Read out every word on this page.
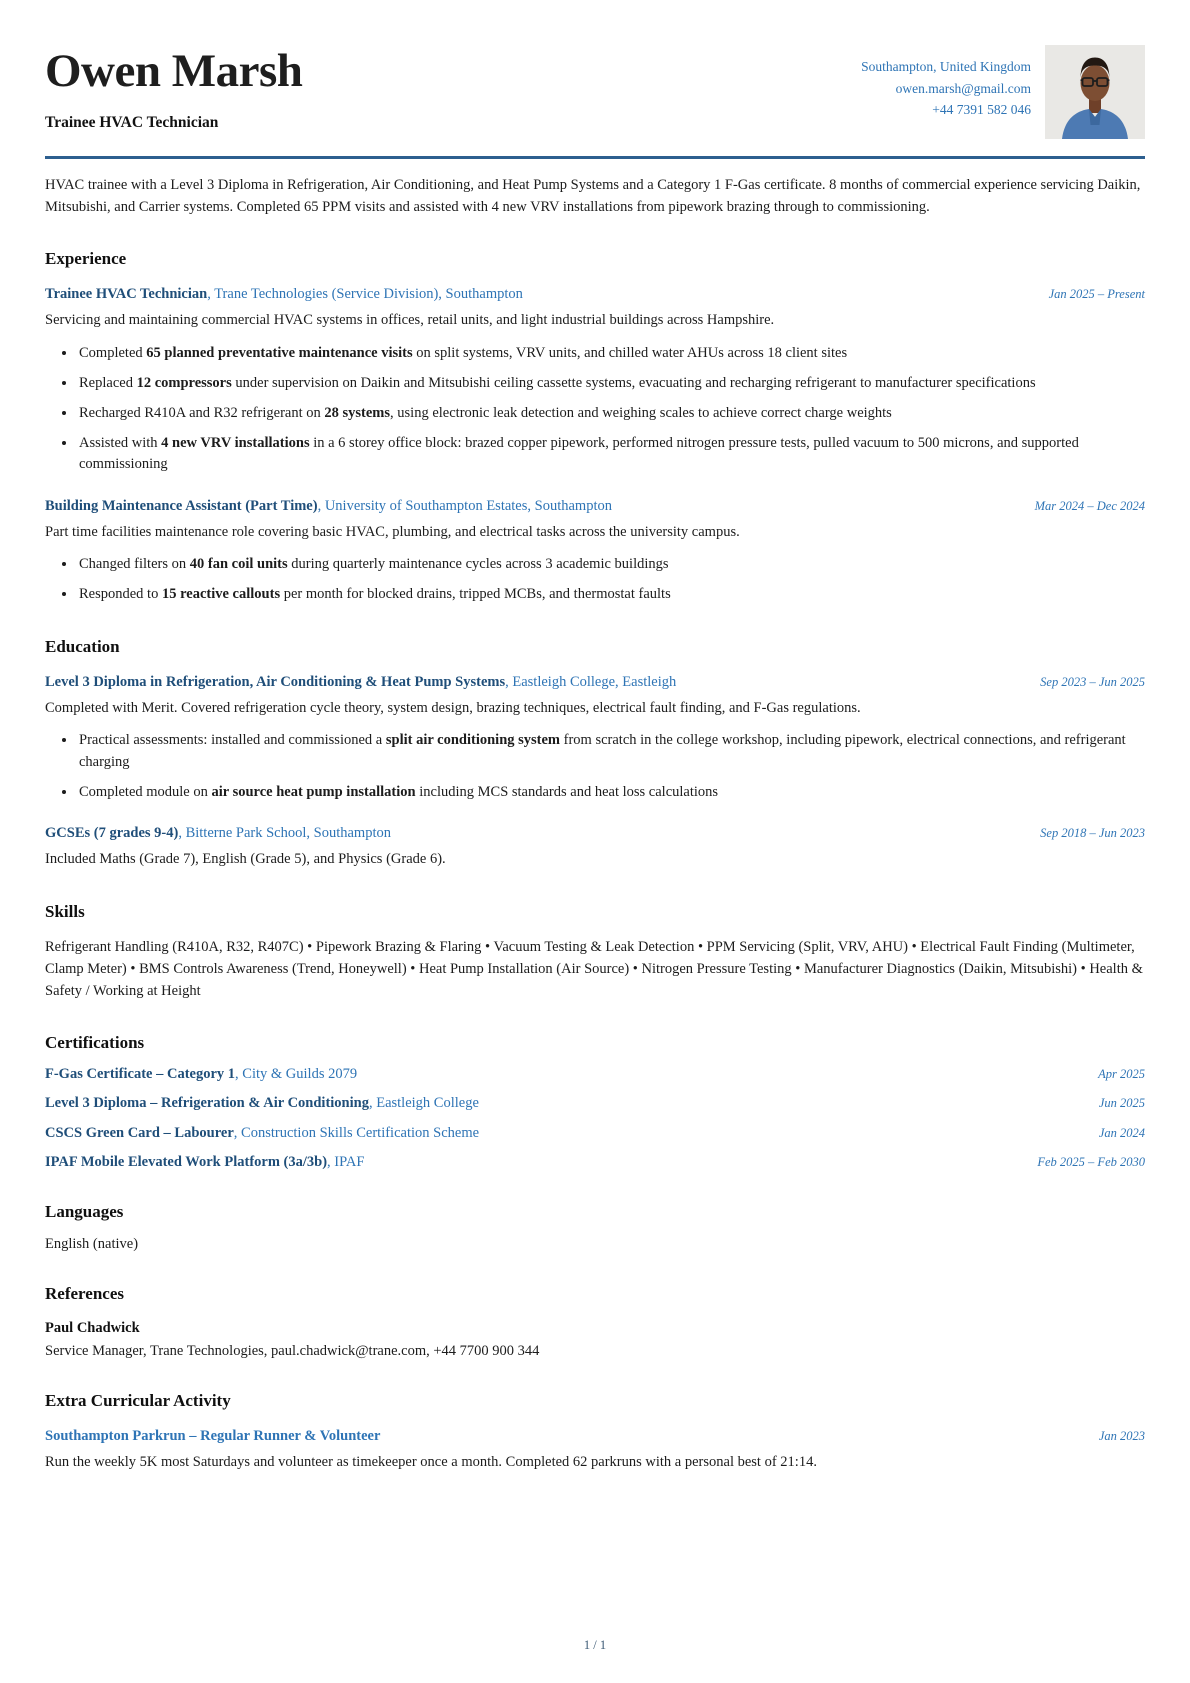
Owen Marsh
Trainee HVAC Technician
Southampton, United Kingdom
owen.marsh@gmail.com
+44 7391 582 046
HVAC trainee with a Level 3 Diploma in Refrigeration, Air Conditioning, and Heat Pump Systems and a Category 1 F-Gas certificate. 8 months of commercial experience servicing Daikin, Mitsubishi, and Carrier systems. Completed 65 PPM visits and assisted with 4 new VRV installations from pipework brazing through to commissioning.
Experience
Trainee HVAC Technician, Trane Technologies (Service Division), Southampton	Jan 2025 – Present
Servicing and maintaining commercial HVAC systems in offices, retail units, and light industrial buildings across Hampshire.
• Completed 65 planned preventative maintenance visits on split systems, VRV units, and chilled water AHUs across 18 client sites
• Replaced 12 compressors under supervision on Daikin and Mitsubishi ceiling cassette systems, evacuating and recharging refrigerant to manufacturer specifications
• Recharged R410A and R32 refrigerant on 28 systems, using electronic leak detection and weighing scales to achieve correct charge weights
• Assisted with 4 new VRV installations in a 6 storey office block: brazed copper pipework, performed nitrogen pressure tests, pulled vacuum to 500 microns, and supported commissioning
Building Maintenance Assistant (Part Time), University of Southampton Estates, Southampton	Mar 2024 – Dec 2024
Part time facilities maintenance role covering basic HVAC, plumbing, and electrical tasks across the university campus.
• Changed filters on 40 fan coil units during quarterly maintenance cycles across 3 academic buildings
• Responded to 15 reactive callouts per month for blocked drains, tripped MCBs, and thermostat faults
Education
Level 3 Diploma in Refrigeration, Air Conditioning & Heat Pump Systems, Eastleigh College, Eastleigh	Sep 2023 – Jun 2025
Completed with Merit. Covered refrigeration cycle theory, system design, brazing techniques, electrical fault finding, and F-Gas regulations.
• Practical assessments: installed and commissioned a split air conditioning system from scratch in the college workshop, including pipework, electrical connections, and refrigerant charging
• Completed module on air source heat pump installation including MCS standards and heat loss calculations
GCSEs (7 grades 9-4), Bitterne Park School, Southampton	Sep 2018 – Jun 2023
Included Maths (Grade 7), English (Grade 5), and Physics (Grade 6).
Skills
Refrigerant Handling (R410A, R32, R407C) • Pipework Brazing & Flaring • Vacuum Testing & Leak Detection • PPM Servicing (Split, VRV, AHU) • Electrical Fault Finding (Multimeter, Clamp Meter) • BMS Controls Awareness (Trend, Honeywell) • Heat Pump Installation (Air Source) • Nitrogen Pressure Testing • Manufacturer Diagnostics (Daikin, Mitsubishi) • Health & Safety / Working at Height
Certifications
F-Gas Certificate – Category 1, City & Guilds 2079	Apr 2025
Level 3 Diploma – Refrigeration & Air Conditioning, Eastleigh College	Jun 2025
CSCS Green Card – Labourer, Construction Skills Certification Scheme	Jan 2024
IPAF Mobile Elevated Work Platform (3a/3b), IPAF	Feb 2025 – Feb 2030
Languages
English (native)
References
Paul Chadwick
Service Manager, Trane Technologies, paul.chadwick@trane.com, +44 7700 900 344
Extra Curricular Activity
Southampton Parkrun – Regular Runner & Volunteer	Jan 2023
Run the weekly 5K most Saturdays and volunteer as timekeeper once a month. Completed 62 parkruns with a personal best of 21:14.
1 / 1
